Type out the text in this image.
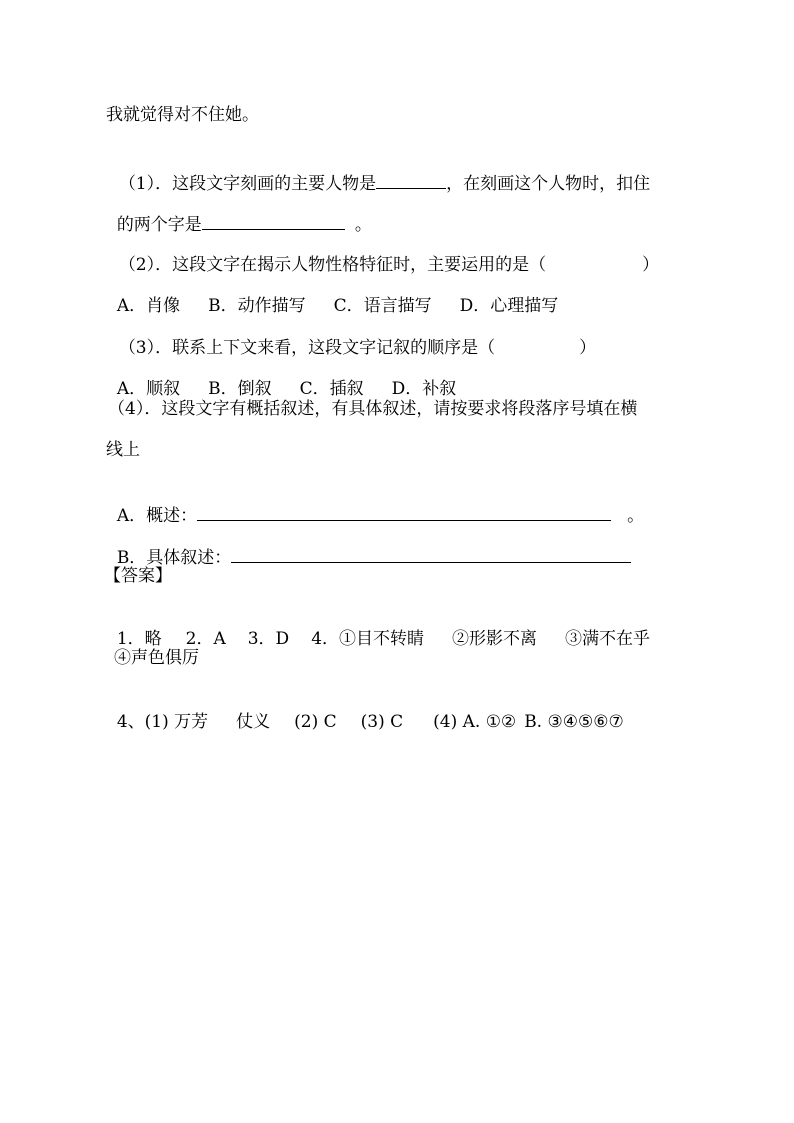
我就觉得对不住她。

（1）．这段文字刻画的主要人物是	，在刻画这个人物时，扣住

的两个字是	。

（2）．这段文字在揭示人物性格特征时，主要运用的是（	）

A．肖像 B．动作描写 C．语言描写 D．心理描写

（3）．联系上下文来看，这段文字记叙的顺序是（	）

A．顺叙 B．倒叙 C．插叙 D．补叙

（4）．这段文字有概括叙述，有具体叙述，请按要求将段落序号填在横
线上

A．概述：	。

B．具体叙述：

【答案】

1．略 2．A 3．D 4．①目不转睛 ②形影不离 ③满不在乎

④声色俱厉

4、(1) 万芳 仗义 (2) C (3) C (4) A. ①② B. ③④⑤⑥⑦
